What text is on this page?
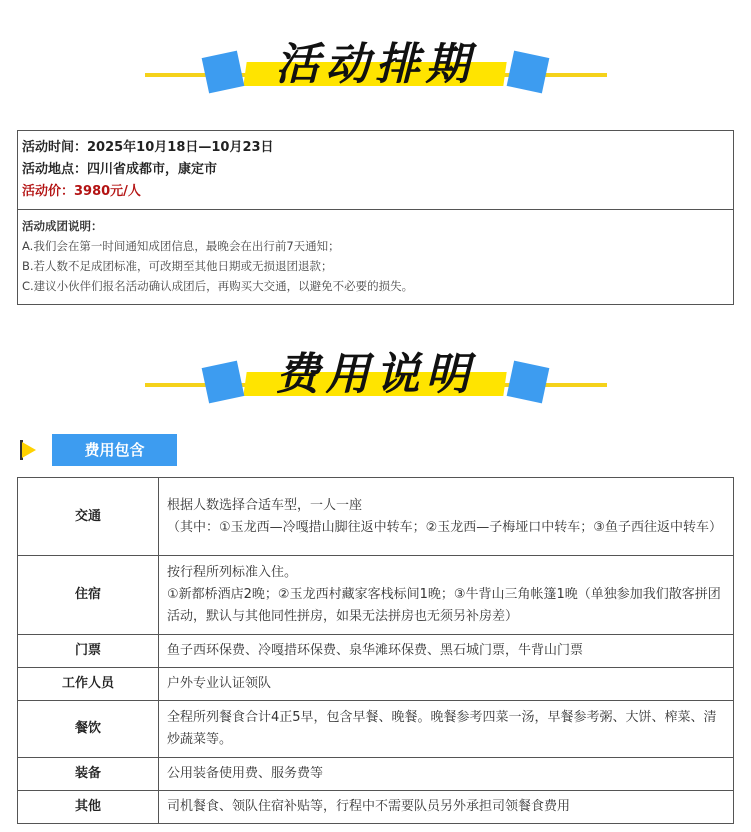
活动排期
活动时间：2025年10月18日—10月23日
活动地点：四川省成都市，康定市
活动价：3980元/人
活动成团说明：
A.我们会在第一时间通知成团信息，最晚会在出行前7天通知；
B.若人数不足成团标准，可改期至其他日期或无损退团退款；
C.建议小伙伴们报名活动确认成团后，再购买大交通，以避免不必要的损失。
费用说明
费用包含
交通	根据人数选择合适车型，一人一座
（其中：①玉龙西—冷嘎措山脚往返中转车；②玉龙西—子梅垭口中转车；③鱼子西往返中转车）

住宿	按行程所列标准入住。
①新都桥酒店2晚；②玉龙西村藏家客栈标间1晚；③牛背山三角帐篷1晚（单独参加我们散客拼团活动，默认与其他同性拼房，如果无法拼房也无须另补房差）

门票	鱼子西环保费、冷嘎措环保费、泉华滩环保费、黑石城门票，牛背山门票
工作人员	户外专业认证领队
餐饮	全程所列餐食合计4正5早，包含早餐、晚餐。晚餐参考四菜一汤，早餐参考粥、大饼、榨菜、清炒蔬菜等。
装备	公用装备使用费、服务费等
其他	司机餐食、领队住宿补贴等，行程中不需要队员另外承担司领餐食费用
